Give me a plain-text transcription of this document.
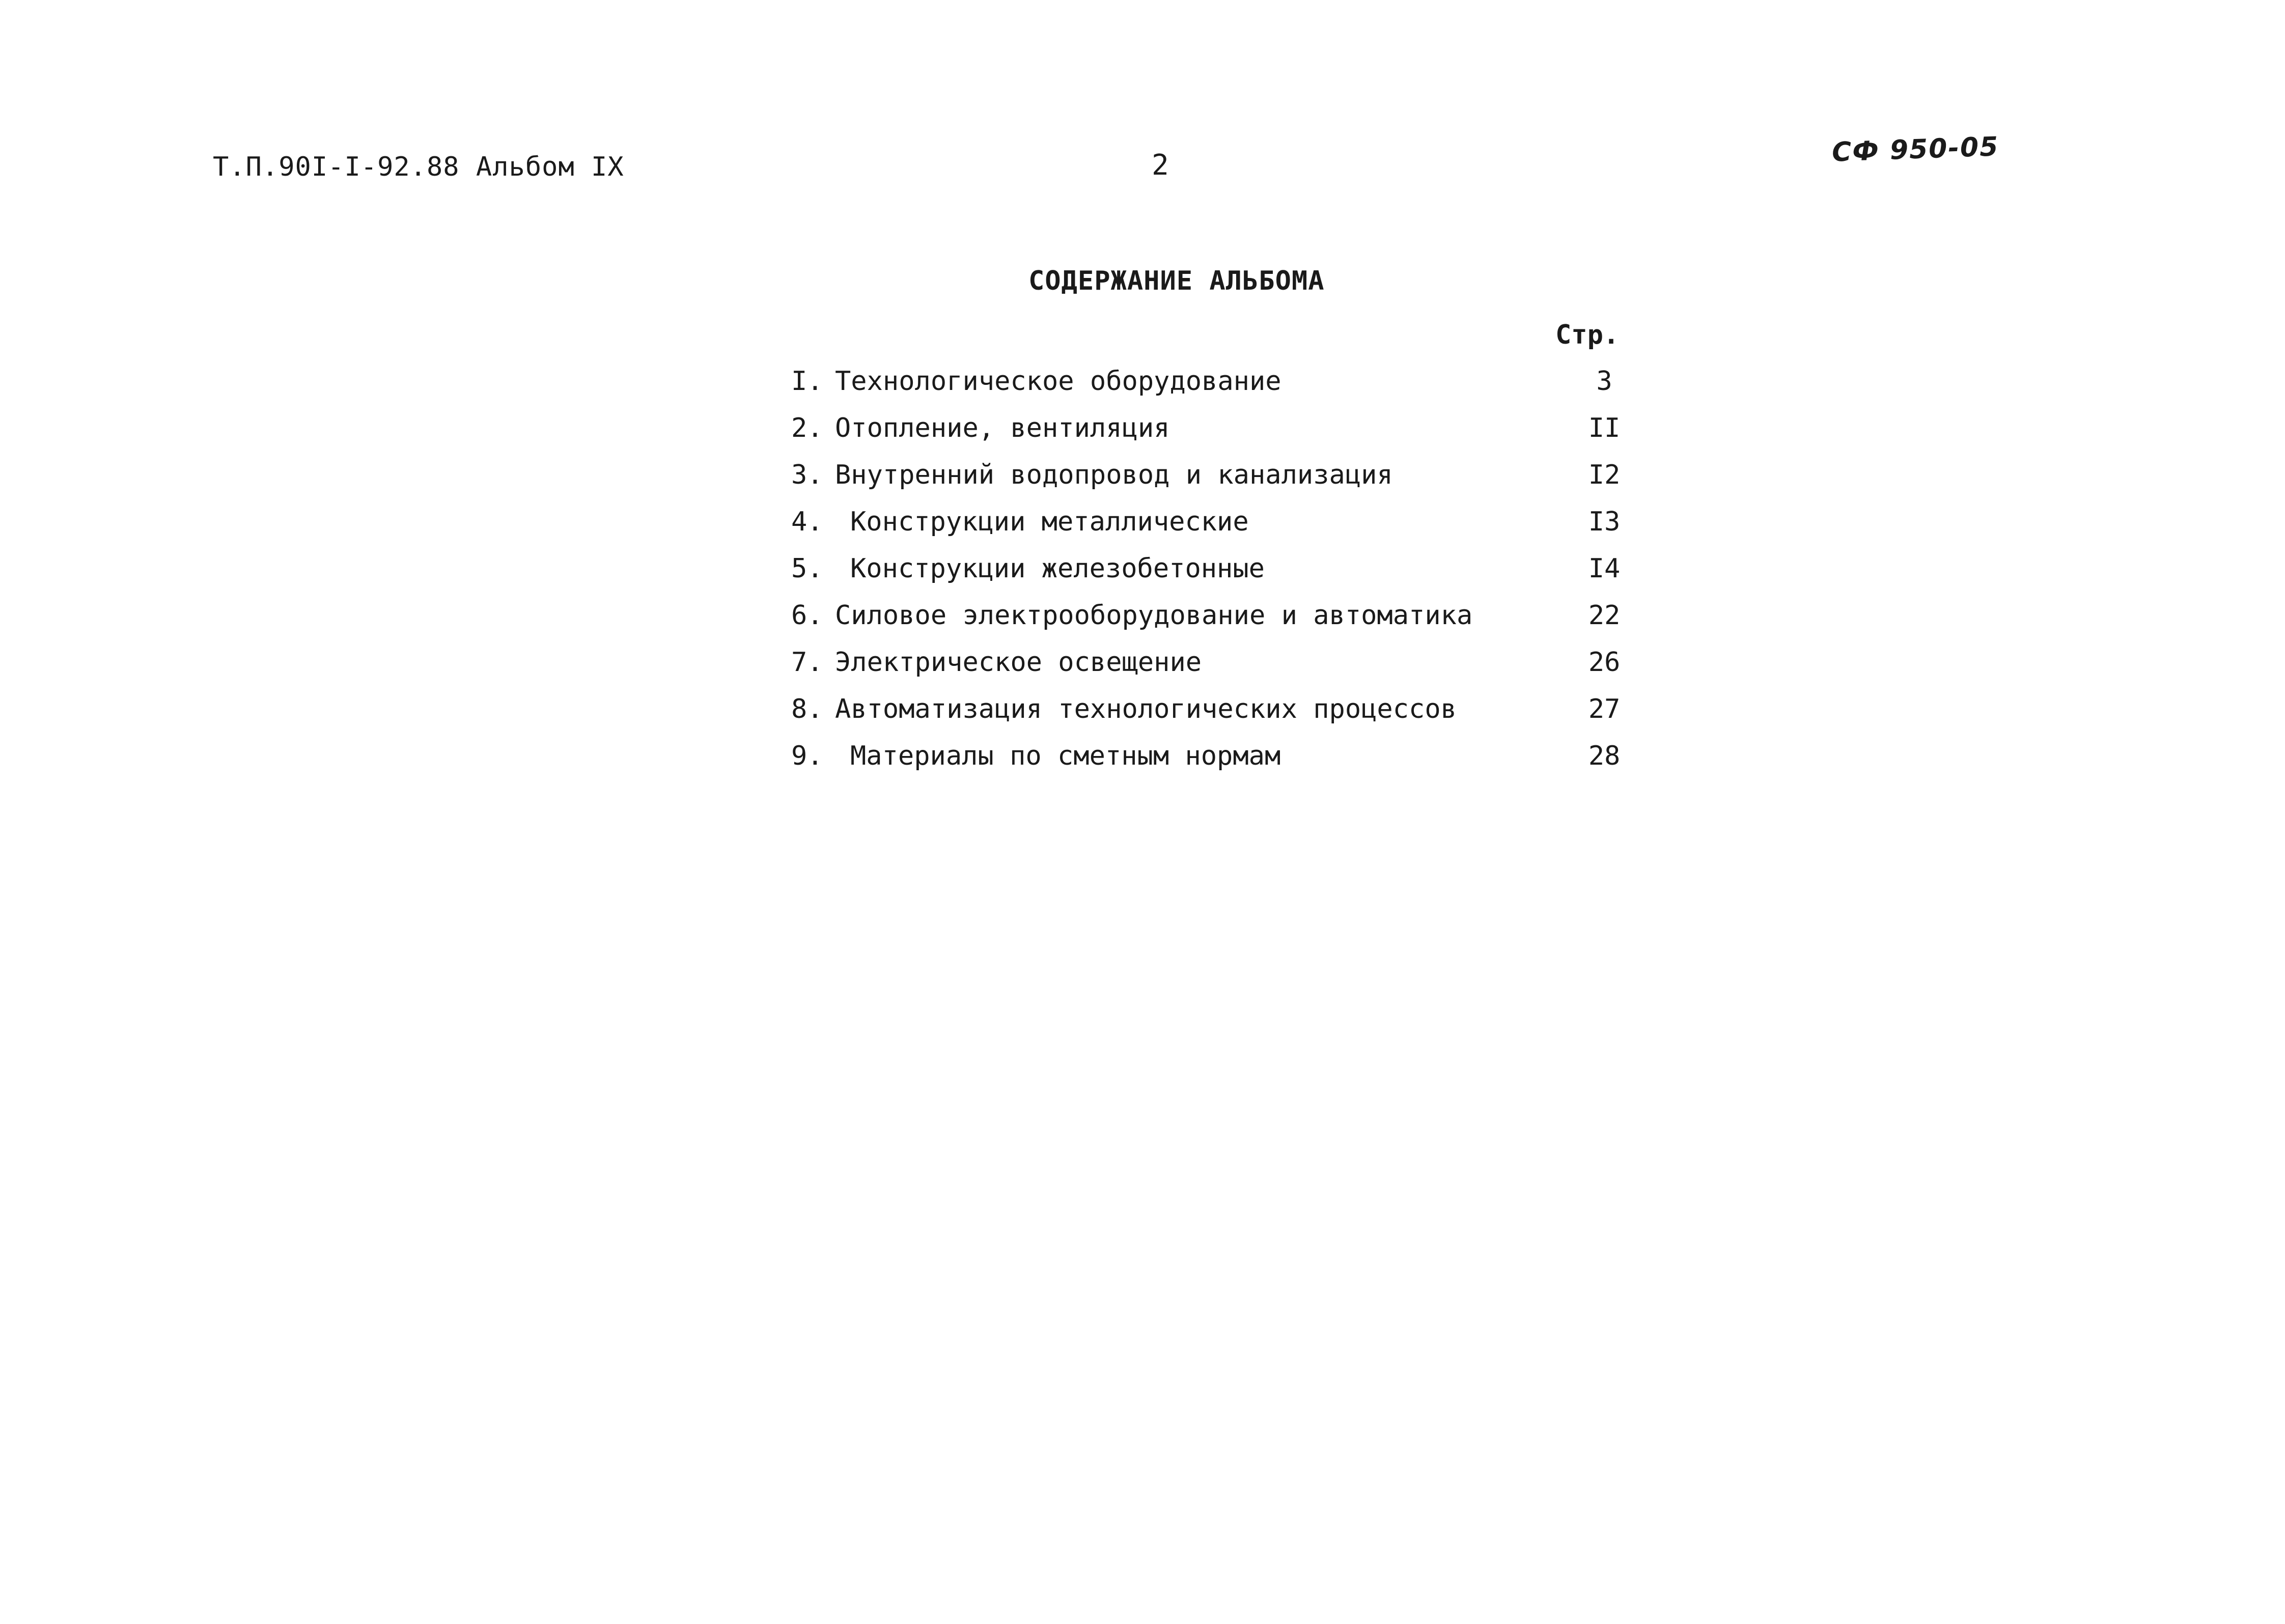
Т.П.90I-I-92.88 Альбом IX	2	СФ 950-05
СОДЕРЖАНИЕ АЛЬБОМА
Стр.
I. Технологическое оборудование	3
2. Отопление, вентиляция	II
3. Внутренний водопровод и канализация	I2
4. Конструкции металлические	I3
5. Конструкции железобетонные	I4
6. Силовое электрооборудование и автоматика	22
7. Электрическое освещение	26
8. Автоматизация технологических процессов	27
9. Материалы по сметным нормам	28
